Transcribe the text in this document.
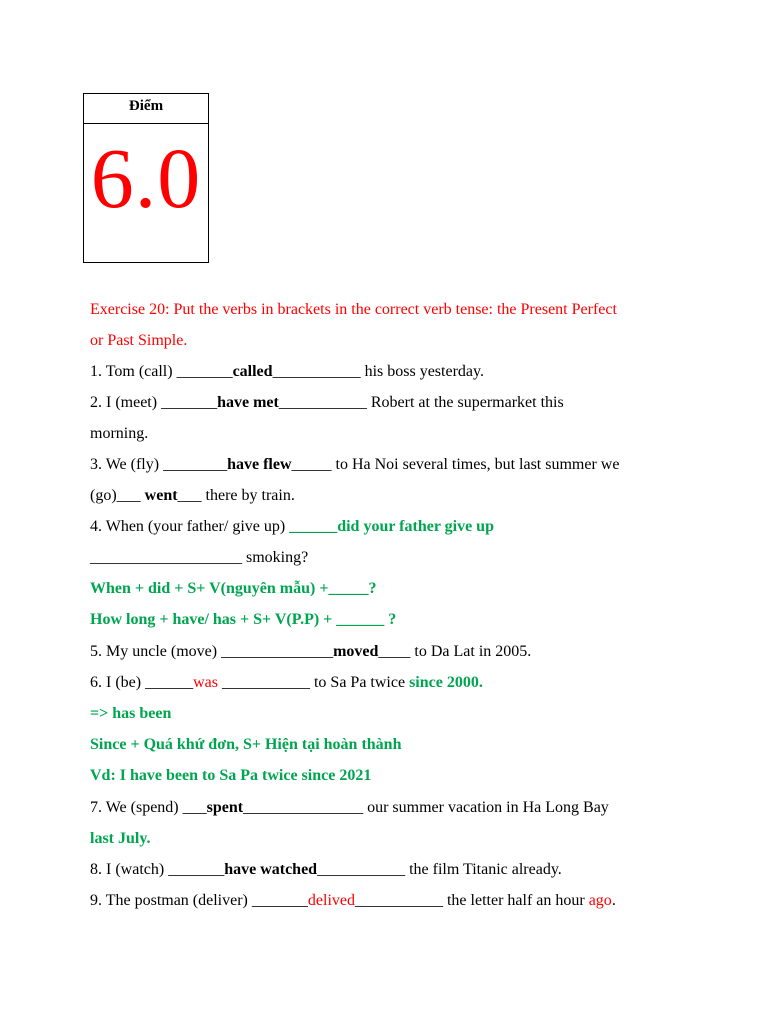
Điểm
6.0
Exercise 20: Put the verbs in brackets in the correct verb tense: the Present Perfect
or Past Simple.
1. Tom (call) _______called___________ his boss yesterday.
2. I (meet) _______have met___________ Robert at the supermarket this
morning.
3. We (fly) ________have flew_____ to Ha Noi several times, but last summer we
(go)___ went___ there by train.
4. When (your father/ give up) ______did your father give up
___________________ smoking?
When + did + S+ V(nguyên mẫu) +_____?
How long + have/ has + S+ V(P.P) + ______ ?
5. My uncle (move) ______________moved____ to Da Lat in 2005.
6. I (be) ______was ___________ to Sa Pa twice since 2000.
=> has been
Since + Quá khứ đơn, S+ Hiện tại hoàn thành
Vd: I have been to Sa Pa twice since 2021
7. We (spend) ___spent_______________ our summer vacation in Ha Long Bay
last July.
8. I (watch) _______have watched___________ the film Titanic already.
9. The postman (deliver) _______delived___________ the letter half an hour ago.
